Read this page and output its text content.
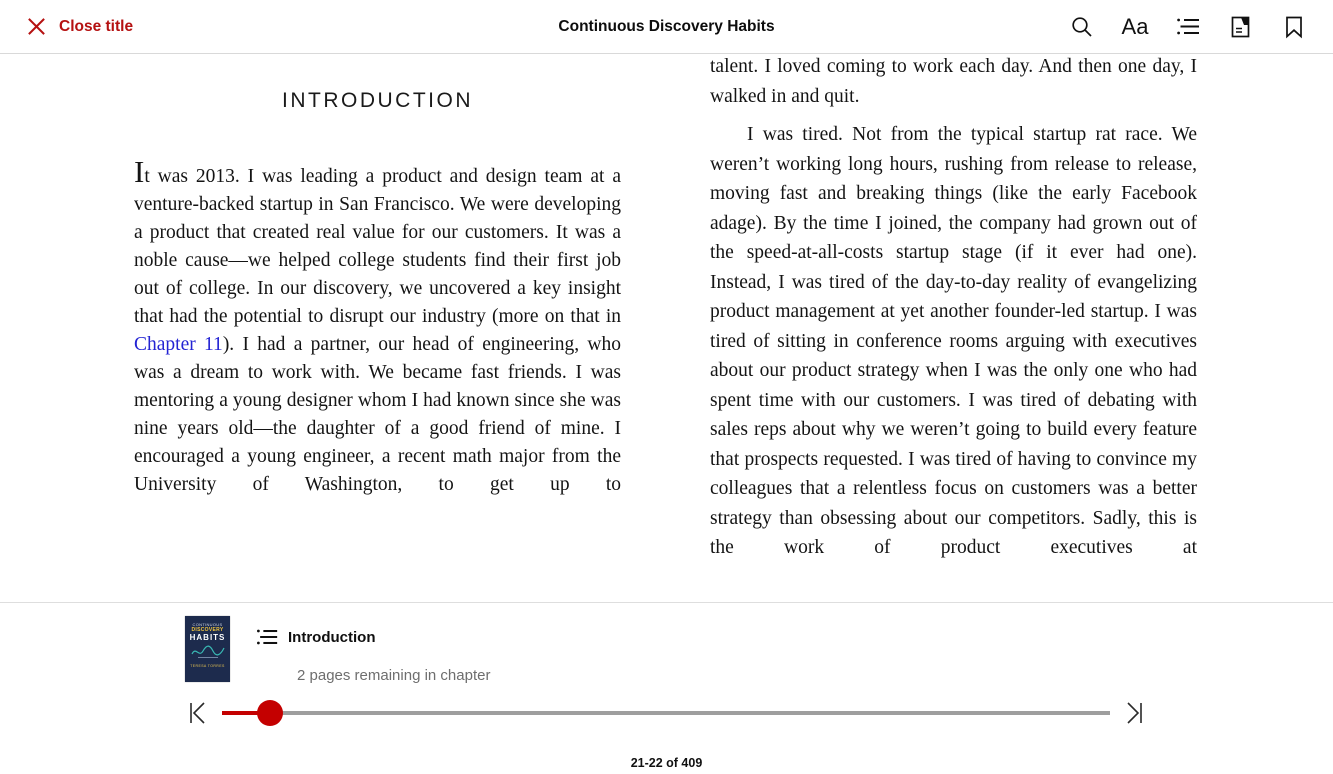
Close title	Continuous Discovery Habits	Aa
INTRODUCTION

It was 2013. I was leading a product and design team at a venture-backed startup in San Francisco. We were developing a product that created real value for our customers. It was a noble cause—we helped college students find their first job out of college. In our discovery, we uncovered a key insight that had the potential to disrupt our industry (more on that in Chapter 11). I had a partner, our head of engineering, who was a dream to work with. We became fast friends. I was mentoring a young designer whom I had known since she was nine years old—the daughter of a good friend of mine. I encouraged a young engineer, a recent math major from the University of Washington, to get up to

talent. I loved coming to work each day. And then one day, I walked in and quit.

I was tired. Not from the typical startup rat race. We weren’t working long hours, rushing from release to release, moving fast and breaking things (like the early Facebook adage). By the time I joined, the company had grown out of the speed-at-all-costs startup stage (if it ever had one). Instead, I was tired of the day-to-day reality of evangelizing product management at yet another founder-led startup. I was tired of sitting in conference rooms arguing with executives about our product strategy when I was the only one who had spent time with our customers. I was tired of debating with sales reps about why we weren’t going to build every feature that prospects requested. I was tired of having to convince my colleagues that a relentless focus on customers was a better strategy than obsessing about our competitors. Sadly, this is the work of product executives at

CONTINUOUS
DISCOVERY
HABITS
TERESA TORRES
Introduction
2 pages remaining in chapter
21-22 of 409
